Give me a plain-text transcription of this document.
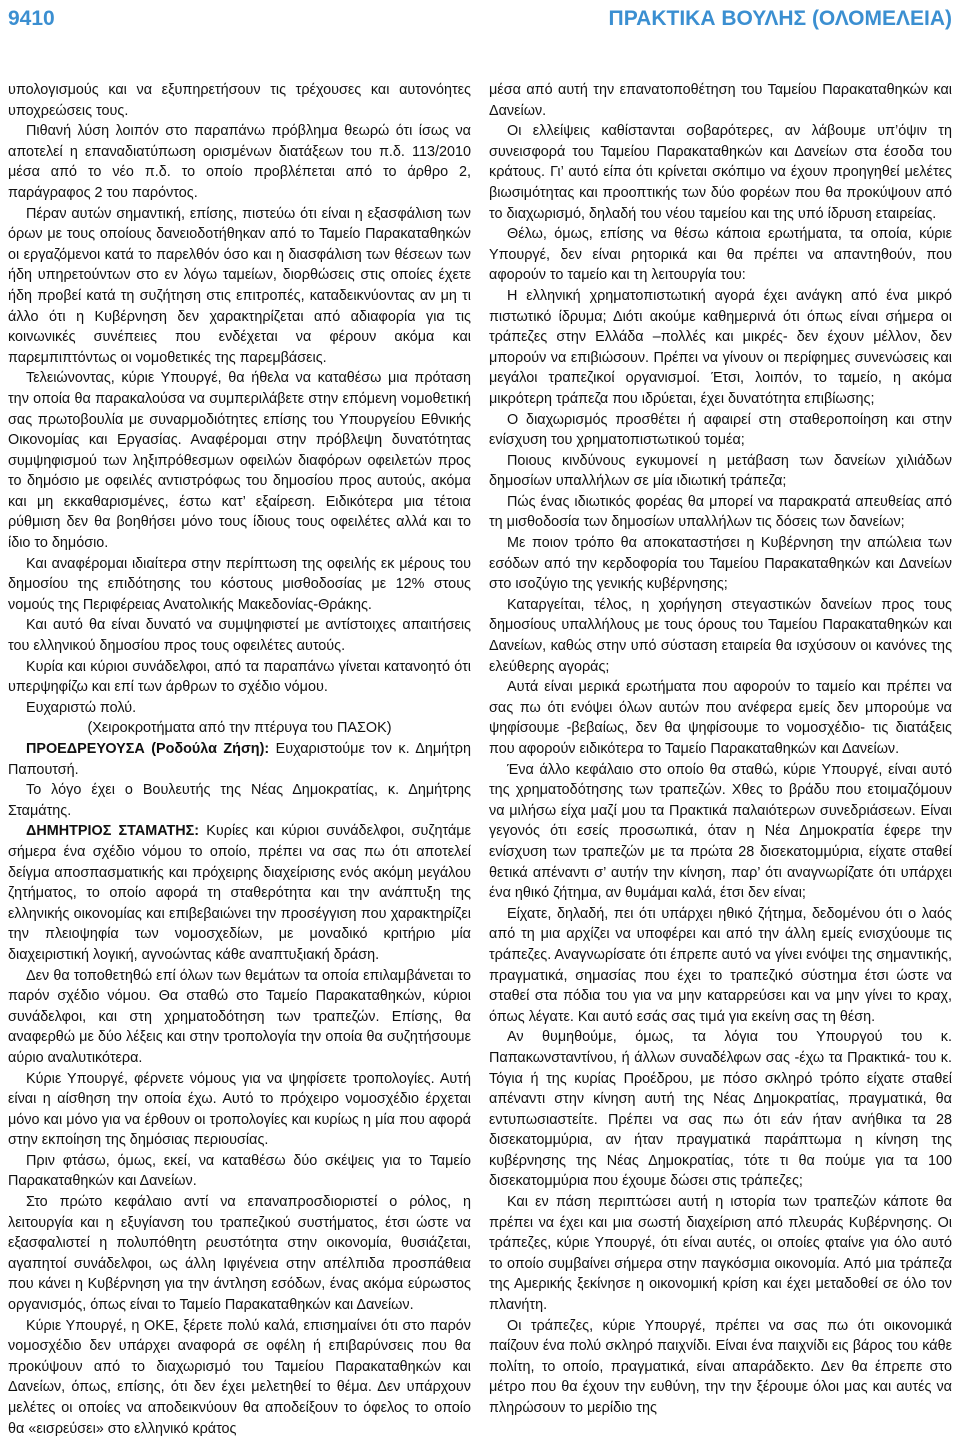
9410	ΠΡΑΚΤΙΚΑ ΒΟΥΛΗΣ (ΟΛΟΜΕΛΕΙΑ)

υπολογισμούς και να εξυπηρετήσουν τις τρέχουσες και αυτονόητες υποχρεώσεις τους.

Πιθανή λύση λοιπόν στο παραπάνω πρόβλημα θεωρώ ότι ίσως να αποτελεί η επαναδιατύπωση ορισμένων διατάξεων του π.δ. 113/2010 μέσα από το νέο π.δ. το οποίο προβλέπεται από το άρθρο 2, παράγραφος 2 του παρόντος.

Πέραν αυτών σημαντική, επίσης, πιστεύω ότι είναι η εξασφάλιση των όρων με τους οποίους δανειοδοτήθηκαν από το Ταμείο Παρακαταθηκών οι εργαζόμενοι κατά το παρελθόν όσο και η διασφάλιση των θέσεων των ήδη υπηρετούντων στο εν λόγω ταμείων, διορθώσεις στις οποίες έχετε ήδη προβεί κατά τη συζήτηση στις επιτροπές, καταδεικνύοντας αν μη τι άλλο ότι η Κυβέρνηση δεν χαρακτηρίζεται από αδιαφορία για τις κοινωνικές συνέπειες που ενδέχεται να φέρουν ακόμα και παρεμπιπτόντως οι νομοθετικές της παρεμβάσεις.

Τελειώνοντας, κύριε Υπουργέ, θα ήθελα να καταθέσω μια πρόταση την οποία θα παρακαλούσα να συμπεριλάβετε στην επόμενη νομοθετική σας πρωτοβουλία με συναρμοδιότητες επίσης του Υπουργείου Εθνικής Οικονομίας και Εργασίας. Αναφέρομαι στην πρόβλεψη δυνατότητας συμψηφισμού των ληξιπρόθεσμων οφειλών διαφόρων οφειλετών προς το δημόσιο με οφειλές αντιστρόφως του δημοσίου προς αυτούς, ακόμα και μη εκκαθαρισμένες, έστω κατ’ εξαίρεση. Ειδικότερα μια τέτοια ρύθμιση δεν θα βοηθήσει μόνο τους ίδιους τους οφειλέτες αλλά και το ίδιο το δημόσιο.

Και αναφέρομαι ιδιαίτερα στην περίπτωση της οφειλής εκ μέρους του δημοσίου της επιδότησης του κόστους μισθοδοσίας με 12% στους νομούς της Περιφέρειας Ανατολικής Μακεδονίας-Θράκης.

Και αυτό θα είναι δυνατό να συμψηφιστεί με αντίστοιχες απαιτήσεις του ελληνικού δημοσίου προς τους οφειλέτες αυτούς.

Κυρία και κύριοι συνάδελφοι, από τα παραπάνω γίνεται κατανοητό ότι υπερψηφίζω και επί των άρθρων το σχέδιο νόμου.

Ευχαριστώ πολύ.

(Χειροκροτήματα από την πτέρυγα του ΠΑΣΟΚ)

ΠΡΟΕΔΡΕΥΟΥΣΑ (Ροδούλα Ζήση): Ευχαριστούμε τον κ. Δημήτρη Παπουτσή.

Το λόγο έχει ο Βουλευτής της Νέας Δημοκρατίας, κ. Δημήτρης Σταμάτης.

ΔΗΜΗΤΡΙΟΣ ΣΤΑΜΑΤΗΣ: Κυρίες και κύριοι συνάδελφοι, συζητάμε σήμερα ένα σχέδιο νόμου το οποίο, πρέπει να σας πω ότι αποτελεί δείγμα αποσπασματικής και πρόχειρης διαχείρισης ενός ακόμη μεγάλου ζητήματος, το οποίο αφορά τη σταθερότητα και την ανάπτυξη της ελληνικής οικονομίας και επιβεβαιώνει την προσέγγιση που χαρακτηρίζει την πλειοψηφία των νομοσχεδίων, με μοναδικό κριτήριο μία διαχειριστική λογική, αγνοώντας κάθε αναπτυξιακή δράση.

Δεν θα τοποθετηθώ επί όλων των θεμάτων τα οποία επιλαμβάνεται το παρόν σχέδιο νόμου. Θα σταθώ στο Ταμείο Παρακαταθηκών, κύριοι συνάδελφοι, και στη χρηματοδότηση των τραπεζών. Επίσης, θα αναφερθώ με δύο λέξεις και στην τροπολογία την οποία θα συζητήσουμε αύριο αναλυτικότερα.

Κύριε Υπουργέ, φέρνετε νόμους για να ψηφίσετε τροπολογίες. Αυτή είναι η αίσθηση την οποία έχω. Αυτό το πρόχειρο νομοσχέδιο έρχεται μόνο και μόνο για να έρθουν οι τροπολογίες και κυρίως η μία που αφορά στην εκποίηση της δημόσιας περιουσίας.

Πριν φτάσω, όμως, εκεί, να καταθέσω δύο σκέψεις για το Ταμείο Παρακαταθηκών και Δανείων.

Στο πρώτο κεφάλαιο αντί να επαναπροσδιοριστεί ο ρόλος, η λειτουργία και η εξυγίανση του τραπεζικού συστήματος, έτσι ώστε να εξασφαλιστεί η πολυπόθητη ρευστότητα στην οικονομία, θυσιάζεται, αγαπητοί συνάδελφοι, ως άλλη Ιφιγένεια στην απέλπιδα προσπάθεια που κάνει η Κυβέρνηση για την άντληση εσόδων, ένας ακόμα εύρωστος οργανισμός, όπως είναι το Ταμείο Παρακαταθηκών και Δανείων.

Κύριε Υπουργέ, η ΟΚΕ, ξέρετε πολύ καλά, επισημαίνει ότι στο παρόν νομοσχέδιο δεν υπάρχει αναφορά σε οφέλη ή επιβαρύνσεις που θα προκύψουν από το διαχωρισμό του Ταμείου Παρακαταθηκών και Δανείων, όπως, επίσης, ότι δεν έχει μελετηθεί το θέμα. Δεν υπάρχουν μελέτες οι οποίες να αποδεικνύουν θα αποδείξουν το όφελος το οποίο θα «εισρεύσει» στο ελληνικό κράτος

μέσα από αυτή την επανατοποθέτηση του Ταμείου Παρακαταθηκών και Δανείων.

Οι ελλείψεις καθίστανται σοβαρότερες, αν λάβουμε υπ’όψιν τη συνεισφορά του Ταμείου Παρακαταθηκών και Δανείων στα έσοδα του κράτους. Γι’ αυτό είπα ότι κρίνεται σκόπιμο να έχουν προηγηθεί μελέτες βιωσιμότητας και προοπτικής των δύο φορέων που θα προκύψουν από το διαχωρισμό, δηλαδή του νέου ταμείου και της υπό ίδρυση εταιρείας.

Θέλω, όμως, επίσης να θέσω κάποια ερωτήματα, τα οποία, κύριε Υπουργέ, δεν είναι ρητορικά και θα πρέπει να απαντηθούν, που αφορούν το ταμείο και τη λειτουργία του:

Η ελληνική χρηματοπιστωτική αγορά έχει ανάγκη από ένα μικρό πιστωτικό ίδρυμα; Διότι ακούμε καθημερινά ότι όπως είναι σήμερα οι τράπεζες στην Ελλάδα –πολλές και μικρές- δεν έχουν μέλλον, δεν μπορούν να επιβιώσουν. Πρέπει να γίνουν οι περίφημες συνενώσεις και μεγάλοι τραπεζικοί οργανισμοί. Έτσι, λοιπόν, το ταμείο, η ακόμα μικρότερη τράπεζα που ιδρύεται, έχει δυνατότητα επιβίωσης;

Ο διαχωρισμός προσθέτει ή αφαιρεί στη σταθεροποίηση και στην ενίσχυση του χρηματοπιστωτικού τομέα;

Ποιους κινδύνους εγκυμονεί η μετάβαση των δανείων χιλιάδων δημοσίων υπαλλήλων σε μία ιδιωτική τράπεζα;

Πώς ένας ιδιωτικός φορέας θα μπορεί να παρακρατά απευθείας από τη μισθοδοσία των δημοσίων υπαλλήλων τις δόσεις των δανείων;

Με ποιον τρόπο θα αποκαταστήσει η Κυβέρνηση την απώλεια των εσόδων από την κερδοφορία του Ταμείου Παρακαταθηκών και Δανείων στο ισοζύγιο της γενικής κυβέρνησης;

Καταργείται, τέλος, η χορήγηση στεγαστικών δανείων προς τους δημοσίους υπαλλήλους με τους όρους του Ταμείου Παρακαταθηκών και Δανείων, καθώς στην υπό σύσταση εταιρεία θα ισχύσουν οι κανόνες της ελεύθερης αγοράς;

Αυτά είναι μερικά ερωτήματα που αφορούν το ταμείο και πρέπει να σας πω ότι ενόψει όλων αυτών που ανέφερα εμείς δεν μπορούμε να ψηφίσουμε -βεβαίως, δεν θα ψηφίσουμε το νομοσχέδιο- τις διατάξεις που αφορούν ειδικότερα το Ταμείο Παρακαταθηκών και Δανείων.

Ένα άλλο κεφάλαιο στο οποίο θα σταθώ, κύριε Υπουργέ, είναι αυτό της χρηματοδότησης των τραπεζών. Χθες το βράδυ που ετοιμαζόμουν να μιλήσω είχα μαζί μου τα Πρακτικά παλαιότερων συνεδριάσεων. Είναι γεγονός ότι εσείς προσωπικά, όταν η Νέα Δημοκρατία έφερε την ενίσχυση των τραπεζών με τα πρώτα 28 δισεκατομμύρια, είχατε σταθεί θετικά απέναντι σ’ αυτήν την κίνηση, παρ’ ότι αναγνωρίζατε ότι υπάρχει ένα ηθικό ζήτημα, αν θυμάμαι καλά, έτσι δεν είναι;

Είχατε, δηλαδή, πει ότι υπάρχει ηθικό ζήτημα, δεδομένου ότι ο λαός από τη μια αρχίζει να υποφέρει και από την άλλη εμείς ενισχύουμε τις τράπεζες. Αναγνωρίσατε ότι έπρεπε αυτό να γίνει ενόψει της σημαντικής, πραγματικά, σημασίας που έχει το τραπεζικό σύστημα έτσι ώστε να σταθεί στα πόδια του για να μην καταρρεύσει και να μην γίνει το κραχ, όπως λέγατε. Και αυτό εσάς σας τιμά για εκείνη σας τη θέση.

Αν θυμηθούμε, όμως, τα λόγια του Υπουργού του κ. Παπακωνσταντίνου, ή άλλων συναδέλφων σας -έχω τα Πρακτικά- του κ. Τόγια ή της κυρίας Προέδρου, με πόσο σκληρό τρόπο είχατε σταθεί απέναντι στην κίνηση αυτή της Νέας Δημοκρατίας, πραγματικά, θα εντυπωσιαστείτε. Πρέπει να σας πω ότι εάν ήταν ανήθικα τα 28 δισεκατομμύρια, αν ήταν πραγματικά παράπτωμα η κίνηση της κυβέρνησης της Νέας Δημοκρατίας, τότε τι θα πούμε για τα 100 δισεκατομμύρια που έχουμε δώσει στις τράπεζες;

Και εν πάση περιπτώσει αυτή η ιστορία των τραπεζών κάποτε θα πρέπει να έχει και μια σωστή διαχείριση από πλευράς Κυβέρνησης. Οι τράπεζες, κύριε Υπουργέ, ότι είναι αυτές, οι οποίες φταίνε για όλο αυτό το οποίο συμβαίνει σήμερα στην παγκόσμια οικονομία. Από μια τράπεζα της Αμερικής ξεκίνησε η οικονομική κρίση και έχει μεταδοθεί σε όλο τον πλανήτη.

Οι τράπεζες, κύριε Υπουργέ, πρέπει να σας πω ότι οικονομικά παίζουν ένα πολύ σκληρό παιχνίδι. Είναι ένα παιχνίδι εις βάρος του κάθε πολίτη, το οποίο, πραγματικά, είναι απαράδεκτο. Δεν θα έπρεπε στο μέτρο που θα έχουν την ευθύνη, την την ξέρουμε όλοι μας και αυτές να πληρώσουν το μερίδιο της
